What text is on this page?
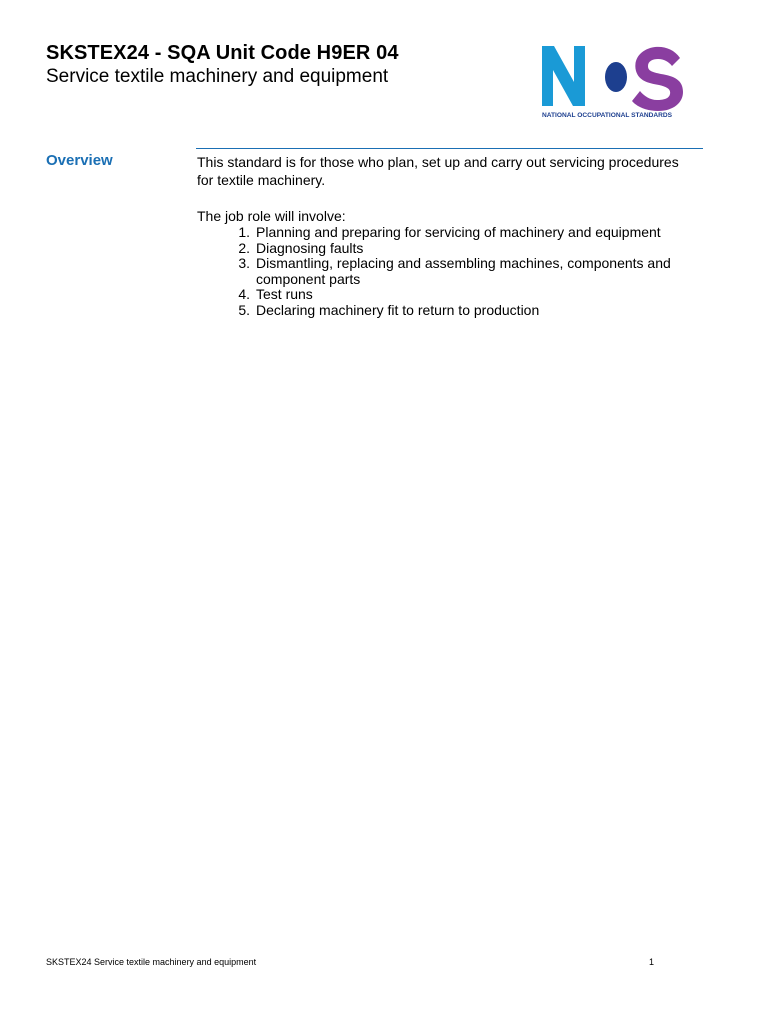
SKSTEX24 - SQA Unit Code H9ER 04
Service textile machinery and equipment
NATIONAL OCCUPATIONAL STANDARDS
Overview	This standard is for those who plan, set up and carry out servicing procedures for textile machinery.

The job role will involve:

1. Planning and preparing for servicing of machinery and equipment
2. Diagnosing faults
3. Dismantling, replacing and assembling machines, components and component parts
4. Test runs
5. Declaring machinery fit to return to production
SKSTEX24 Service textile machinery and equipment	1
